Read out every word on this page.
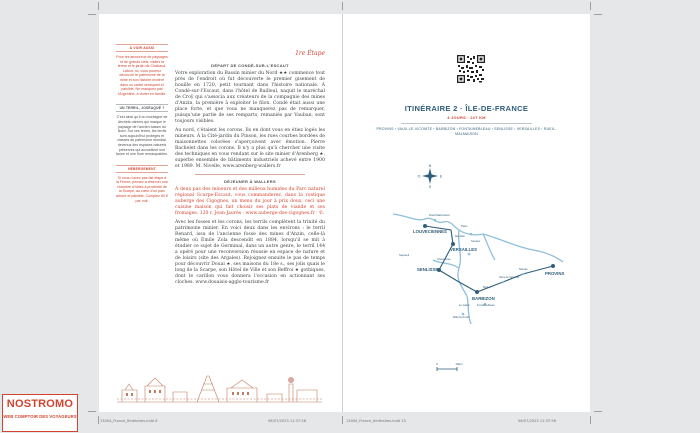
À VOIR AUSSI
Pour les amoureux de paysages et de grands ciels, visitez la ferme et le jardin de Chabaud-Latour. Ici, vous pourrez découvrir le patrimoine de la mine et son histoire minière dans un cadre verdoyant et paisible. Ne manquez pas l'Argentine, à visiter en famille.
UN TERRIL, JOSÉAQUÉ ?
C'est ainsi qu'il ou montagne de déchets miniers qui marque le paysage de l'ancien bassin du Nord. Sur ces terres, les terrils sont aujourd'hui protégés et classés au patrimoine mondial, devenus des espaces naturels préservés qui accueillent une faune et une flore remarquables.
HÉBERGEMENT
Si vous n'avez pas fait étape à la Ferme, pensez à réserver une chambre d'hôtes à proximité de la Scarpe, au cœur d'un parc arboré et paisible. Comptez 60 € par nuit.
1re Étape
DÉPART DE CONDÉ-SUR-L'ESCAUT

Votre exploration du Bassin minier du Nord ★★ commence tout près de l'endroit où fut découverte le premier gisement de houille en 1720, petit tournant dans l'histoire nationale. À Condé-sur-l'Escaut, dans l'hôtel de Bailleul, naquit le maréchal de Croÿ qui s'associa aux créateurs de la compagnie des mines d'Anzin, la première à exploiter le filon. Condé était aussi une place forte, et que vous ne manquerez pas de remarquer, puisqu'une partie de ses remparts, remaniés par Vauban, sont toujours visibles.

Au nord, c'étaient les corons. Ils en dont vous en étiez logés les mineurs. À la Cité-jardin du Pinson, les rues courbes bordées de maisonnettes colorées s'aperçoivent avec émotion. Pierre Bachelet dans les corons. Il n'y a plus qu'à chercher une visite des techniques en vous rendant sur le site minier d'Arenberg ★, superbe ensemble de bâtiments industriels achevé entre 1900 et 1989. M. Nivelle, www.arenberg-wallers.fr

DÉJEUNER À WALLERS

À deux pas des mineurs et des milieux humides du Parc naturel régional Scarpe-Escaut, vous commanderez, dans la rustique auberge des Cigognes, un menu du jour à prix doux, ceci une cuisine maison qui fait choisir ses plats de viande et ses fromages. 120 r. Jean-Jaurès · www.auberge-des-cigognes.fr · ✆.

Avec les fosses et les corons, les terrils complètent la trinité du patrimoine minier. En voici deux dans les environs : le terril Renard, issu de l'ancienne fosse des mines d'Anzin, celle-là même où Émile Zola descendit en 1884, lorsqu'il se mit à étudier ce sujet de Germinal, dans un autre genre, le terril 144 a opéré pour une reconversion réussie en espace de nature et de loisirs (site des Argales). Rejoignez ensuite le pas de temps pour découvrir Douai ★, ses maisons du 18e s., ses jolis quais le long de la Scarpe, son Hôtel de Ville et son Beffroi ★ gothiques, dont le carillon vous donnera l'occasion en actionnant ses cloches. www.douaisis-agglo-tourisme.fr

ITINÉRAIRE 2 · ÎLE-DE-FRANCE
4 JOURS · 227 KM
PROVINS › VAUX-LE-VICOMTE › BARBIZON › FONTAINEBLEAU › SENLISSE › VERSAILLES › RUEIL-MALMAISON
N
S
O	E
LOUVECIENNES
VERSAILLES
SENLISSE
BARBIZON
PROVINS
Rueil-Malmaison
Paris
Sceaux
Meudon
Vaux-le-Vicomte
Nangis
Melun
Fontainebleau
Le Catal
Milly-la-Forêt
Septeuil
Chevreuse
0	10km
13004_France_Itinéraires.indd 8	06/07/2023 11:37:56	13004_France_Itinéraires.indd 13	06/07/2023 11:37:56
NOSTROMO
WEB COMPTOIR DES VOYAGEURS
